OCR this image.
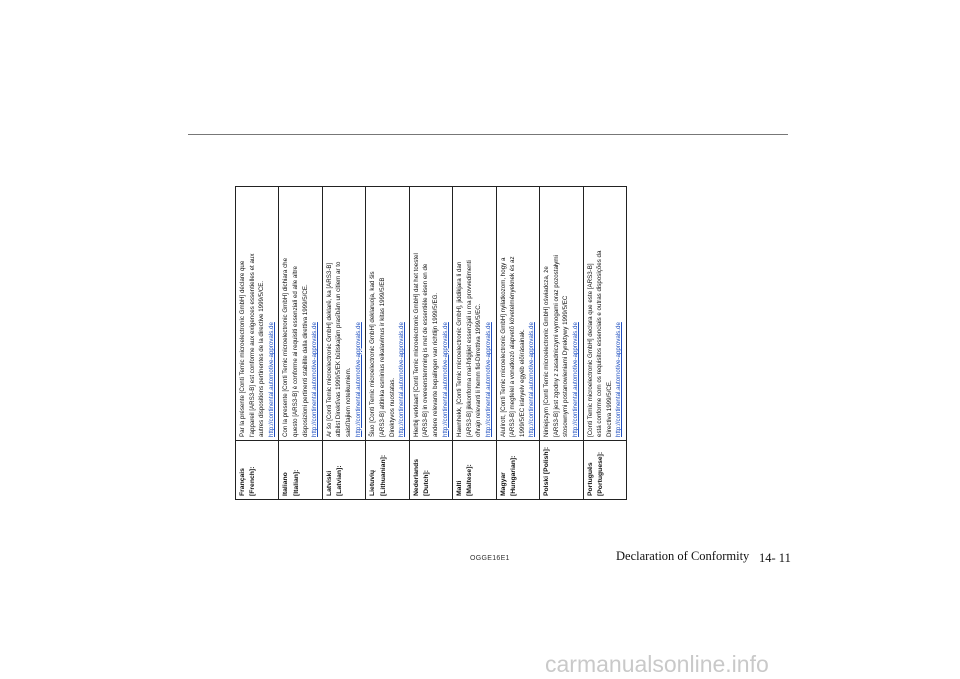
Français [French]:	Par la présente [Conti Temic microelectronic GmbH] déclare que l'appareil [ARS3-B] est conforme aux exigences essentielles et aux autres dispositions pertinentes de la directive 1999/5/CE. http://continental.automotive-approvals.de

Italiano [Italian]:	Con la presente [Conti Temic microelectronic GmbH] dichiara che questo [ARS3-B] è conforme ai requisiti essenziali ed alle altre disposizioni pertinenti stabilite dalla direttiva 1999/5/CE. http://continental.automotive-approvals.de

Latviski [Latvian]:	Ar šo [Conti Temic microelectronic GmbH] deklarē, ka [ARS3-B] atbilst Direktīvas 1999/5/EK būtiskajām prasībām un citiem ar to saistītajiem noteikumiem. http://continental.automotive-approvals.de

Lietuvių [Lithuanian]:	Šiuo [Conti Temic microelectronic GmbH] deklaruoja, kad šis [ARS3-B] atitinka esminius reikalavimus ir kitas 1999/5/EB Direktyvos nuostatas. http://continental.automotive-approvals.de

Nederlands [Dutch]:	Hierbij verklaart [Conti Temic microelectronic GmbH] dat het toestel [ARS3-B] in overeenstemming is met de essentiële eisen en de andere relevante bepalingen van richtlijn 1999/5/EG. http://continental.automotive-approvals.de

Malti [Maltese]:	Hawnhekk, [Conti Temic microelectronic GmbH], jiddikjara li dan [ARS3-B] jikkonforma mal-ħtiġijiet essenzjali u ma provvedimenti oħrajn relevanti li hemm fid-Dirrettiva 1999/5/EC. http://continental.automotive-approvals.de

Magyar [Hungarian]:	Alulírott, [Conti Temic microelectronic GmbH] nyilatkozom, hogy a [ARS3-B] megfelel a vonatkozó alapvetõ követelményeknek és az 1999/5/EC irányelv egyéb elõírásainak. http://continental.automotive-approvals.de

Polski [Polish]:	Niniejszym [Conti Temic microelectronic GmbH] oświadcza, że [ARS3-B] jest zgodny z zasadniczymi wymogami oraz pozostałymi stosownymi postanowieniami Dyrektywy 1999/5/EC http://continental.automotive-approvals.de

Português [Portuguese]:	[Conti Temic microelectronic GmbH] declara que este [ARS3-B] está conforme com os requisitos essenciais e outras disposições da Directiva 1999/5/CE. http://continental.automotive-approvals.de
OGGE16E1	Declaration of Conformity 14- 11
carmanualsonline.info
